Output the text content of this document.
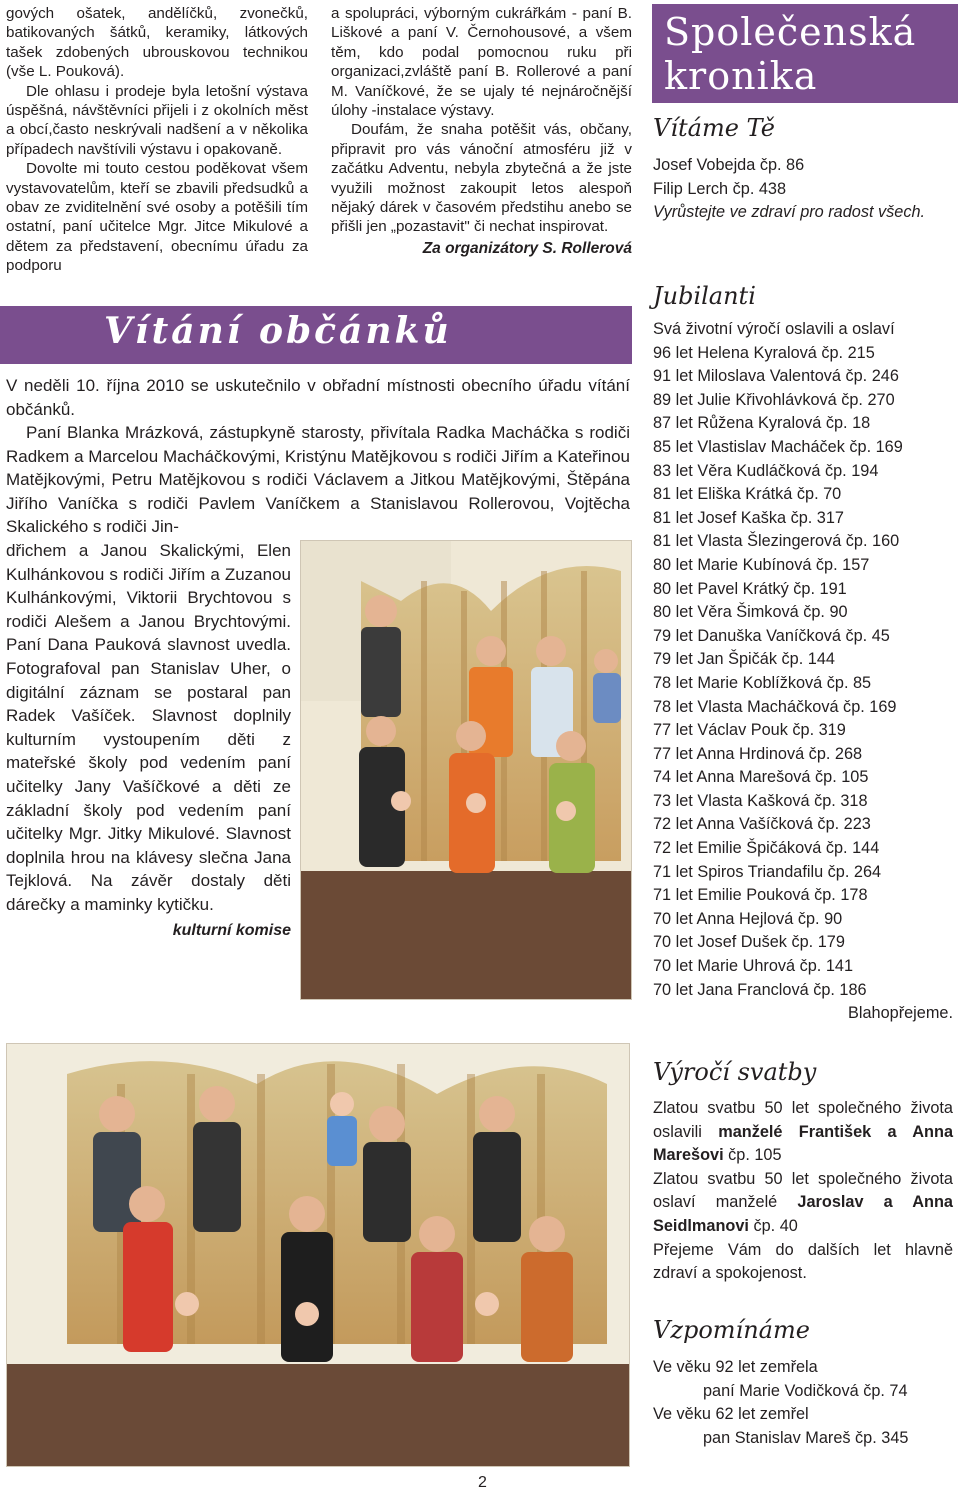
gových ošatek, andělíčků, zvonečků, batikovaných šátků, keramiky, látkových tašek zdobených ubrouskovou technikou (vše L. Pouková).

Dle ohlasu i prodeje byla letošní výstava úspěšná, návštěvníci přijeli i z okolních měst a obcí,často neskrývali nadšení a v několika případech navštívili výstavu i opakovaně.

Dovolte mi touto cestou poděkovat všem vystavovatelům, kteří se zbavili předsudků a obav ze zviditelnění své osoby a potěšili tím ostatní, paní učitelce Mgr. Jitce Mikulové a dětem za představení, obecnímu úřadu za podporu

a spolupráci, výborným cukrářkám - paní B. Liškové a paní V. Černohousové, a všem těm, kdo podal pomocnou ruku při organizaci,zvláště paní B. Rollerové a paní M. Vaníčkové, že se ujaly té nejnáročnější úlohy -instalace výstavy.

Doufám, že snaha potěšit vás, občany, připravit pro vás vánoční atmosféru již v začátku Adventu, nebyla zbytečná a že jste využili možnost zakoupit letos alespoň nějaký dárek v časovém předstihu anebo se přišli jen „pozastavit" či nechat inspirovat.

Za organizátory S. Rollerová

Vítání občánků

V neděli 10. října 2010 se uskutečnilo v obřadní místnosti obecního úřadu vítání občánků.

Paní Blanka Mrázková, zástupkyně starosty, přivítala Radka Macháčka s rodiči Radkem a Marcelou Macháčkovými, Kristýnu Matějkovou s rodiči Jiřím a Kateřinou Matějkovými, Petru Matějkovou s rodiči Václavem a Jitkou Matějkovými, Štěpána Jiřího Vaníčka s rodiči Pavlem Vaníčkem a Stanislavou Rollerovou, Vojtěcha Skalického s rodiči Jin-

dřichem a Janou Skalickými, Elen Kulhánkovou s rodiči Jiřím a Zuzanou Kulhánkovými, Viktorii Brychtovou s rodiči Alešem a Janou Brychtovými. Paní Dana Pauková slavnost uvedla. Fotografoval pan Stanislav Uher, o digitální záznam se postaral pan Radek Vašíček. Slavnost doplnily kulturním vystoupením děti z mateřské školy pod vedením paní učitelky Jany Vašíčkové a děti ze základní školy pod vedením paní učitelky Mgr. Jitky Mikulové. Slavnost doplnila hrou na klávesy slečna Jana Tejklová. Na závěr dostaly děti dárečky a maminky kytičku.

kulturní komise

2
Společenská
kronika
Vítáme Tě
Josef Vobejda čp. 86
Filip Lerch čp. 438
Vyrůstejte ve zdraví pro radost všech.
Jubilanti
Svá životní výročí oslavili a oslaví
96 let Helena Kyralová čp. 215
91 let Miloslava Valentová čp. 246
89 let Julie Křivohlávková čp. 270
87 let Růžena Kyralová čp. 18
85 let Vlastislav Macháček čp. 169
83 let Věra Kudláčková čp. 194
81 let Eliška Krátká čp. 70
81 let Josef Kaška čp. 317
81 let Vlasta Šlezingerová čp. 160
80 let Marie Kubínová čp. 157
80 let Pavel Krátký čp. 191
80 let Věra Šimková čp. 90
79 let Danuška Vaníčková čp. 45
79 let Jan Špičák čp. 144
78 let Marie Koblížková čp. 85
78 let Vlasta Macháčková čp. 169
77 let Václav Pouk čp. 319
77 let Anna Hrdinová čp. 268
74 let Anna Marešová čp. 105
73 let Vlasta Kašková čp. 318
72 let Anna Vašíčková čp. 223
72 let Emilie Špičáková čp. 144
71 let Spiros Triandafilu čp. 264
71 let Emilie Pouková čp. 178
70 let Anna Hejlová čp. 90
70 let Josef Dušek čp. 179
70 let Marie Uhrová čp. 141
70 let Jana Franclová čp. 186
Blahopřejeme.
Výročí svatby
Zlatou svatbu 50 let společného života oslavili manželé František a Anna Marešovi čp. 105
Zlatou svatbu 50 let společného života oslaví manželé Jaroslav a Anna Seidlmanovi čp. 40
Přejeme Vám do dalších let hlavně zdraví a spokojenost.
Vzpomínáme
Ve věku 92 let zemřela
paní Marie Vodičková čp. 74
Ve věku 62 let zemřel
pan Stanislav Mareš čp. 345
